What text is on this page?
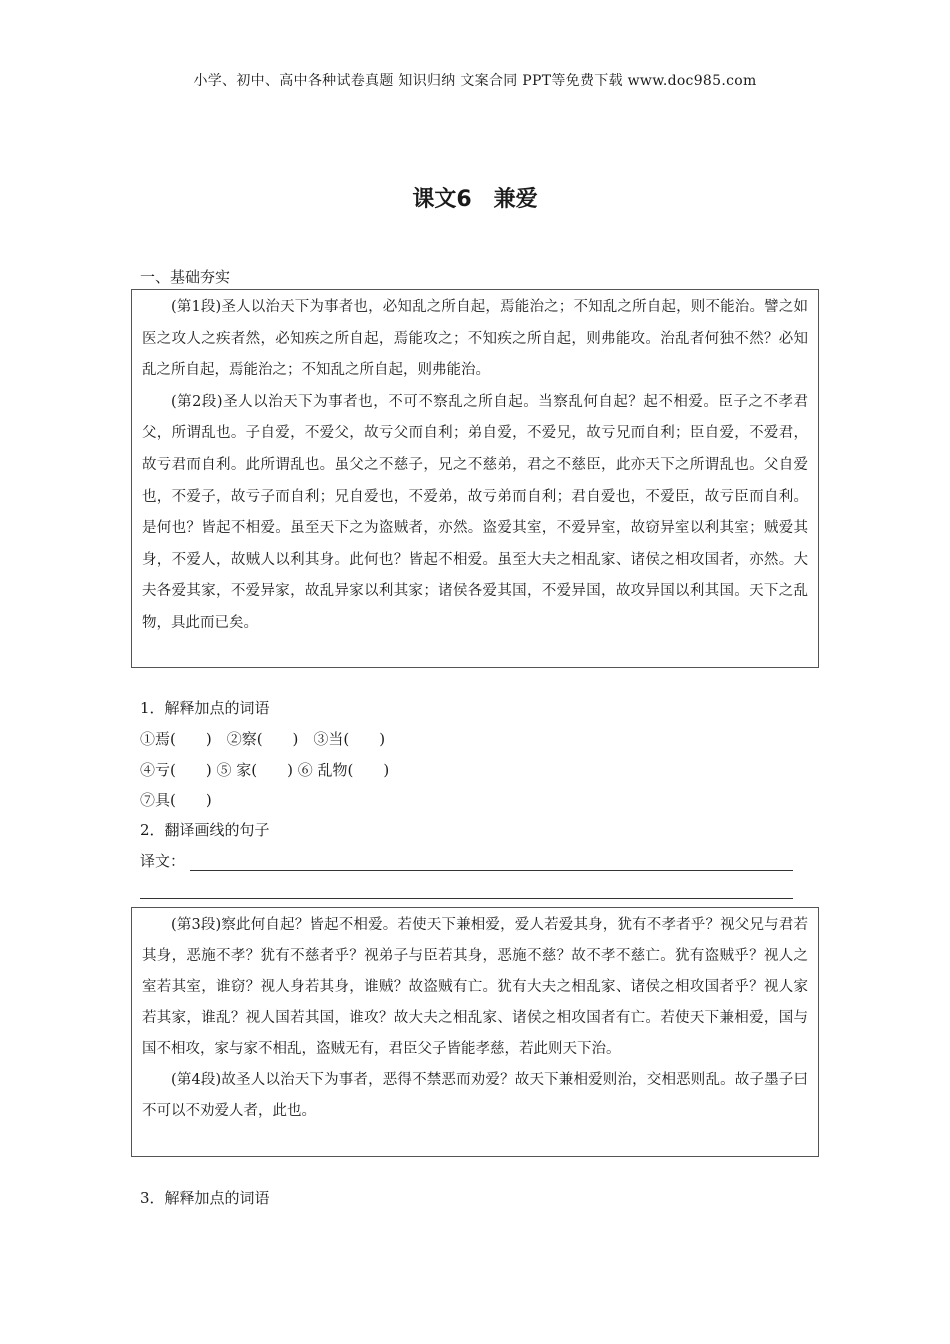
小学、初中、高中各种试卷真题 知识归纳 文案合同 PPT等免费下载 www.doc985.com
课文6　兼爱
一、基础夯实

(第1段)圣人以治天下为事者也，必知乱之所自起，焉能治之；不知乱之所自起，则不能治。譬之如医之攻人之疾者然，必知疾之所自起，焉能攻之；不知疾之所自起，则弗能攻。治乱者何独不然？必知乱之所自起，焉能治之；不知乱之所自起，则弗能治。

(第2段)圣人以治天下为事者也，不可不察乱之所自起。当察乱何自起？起不相爱。臣子之不孝君父，所谓乱也。子自爱，不爱父，故亏父而自利；弟自爱，不爱兄，故亏兄而自利；臣自爱，不爱君，故亏君而自利。此所谓乱也。虽父之不慈子，兄之不慈弟，君之不慈臣，此亦天下之所谓乱也。父自爱也，不爱子，故亏子而自利；兄自爱也，不爱弟，故亏弟而自利；君自爱也，不爱臣，故亏臣而自利。是何也？皆起不相爱。虽至天下之为盗贼者，亦然。盗爱其室，不爱异室，故窃异室以利其室；贼爱其身，不爱人，故贼人以利其身。此何也？皆起不相爱。虽至大夫之相乱家、诸侯之相攻国者，亦然。大夫各爱其家，不爱异家，故乱异家以利其家；诸侯各爱其国，不爱异国，故攻异国以利其国。天下之乱物，具此而已矣。

1．解释加点的词语
①焉(　　)　②察(　　)　③当(　　)
④亏(　　) ⑤ 家(　　) ⑥ 乱物(　　)
⑦具(　　)
2．翻译画线的句子
译文：

(第3段)察此何自起？皆起不相爱。若使天下兼相爱，爱人若爱其身，犹有不孝者乎？视父兄与君若其身，恶施不孝？犹有不慈者乎？视弟子与臣若其身，恶施不慈？故不孝不慈亡。犹有盗贼乎？视人之室若其室，谁窃？视人身若其身，谁贼？故盗贼有亡。犹有大夫之相乱家、诸侯之相攻国者乎？视人家若其家，谁乱？视人国若其国，谁攻？故大夫之相乱家、诸侯之相攻国者有亡。若使天下兼相爱，国与国不相攻，家与家不相乱，盗贼无有，君臣父子皆能孝慈，若此则天下治。

(第4段)故圣人以治天下为事者，恶得不禁恶而劝爱？故天下兼相爱则治，交相恶则乱。故子墨子曰不可以不劝爱人者，此也。

3．解释加点的词语
